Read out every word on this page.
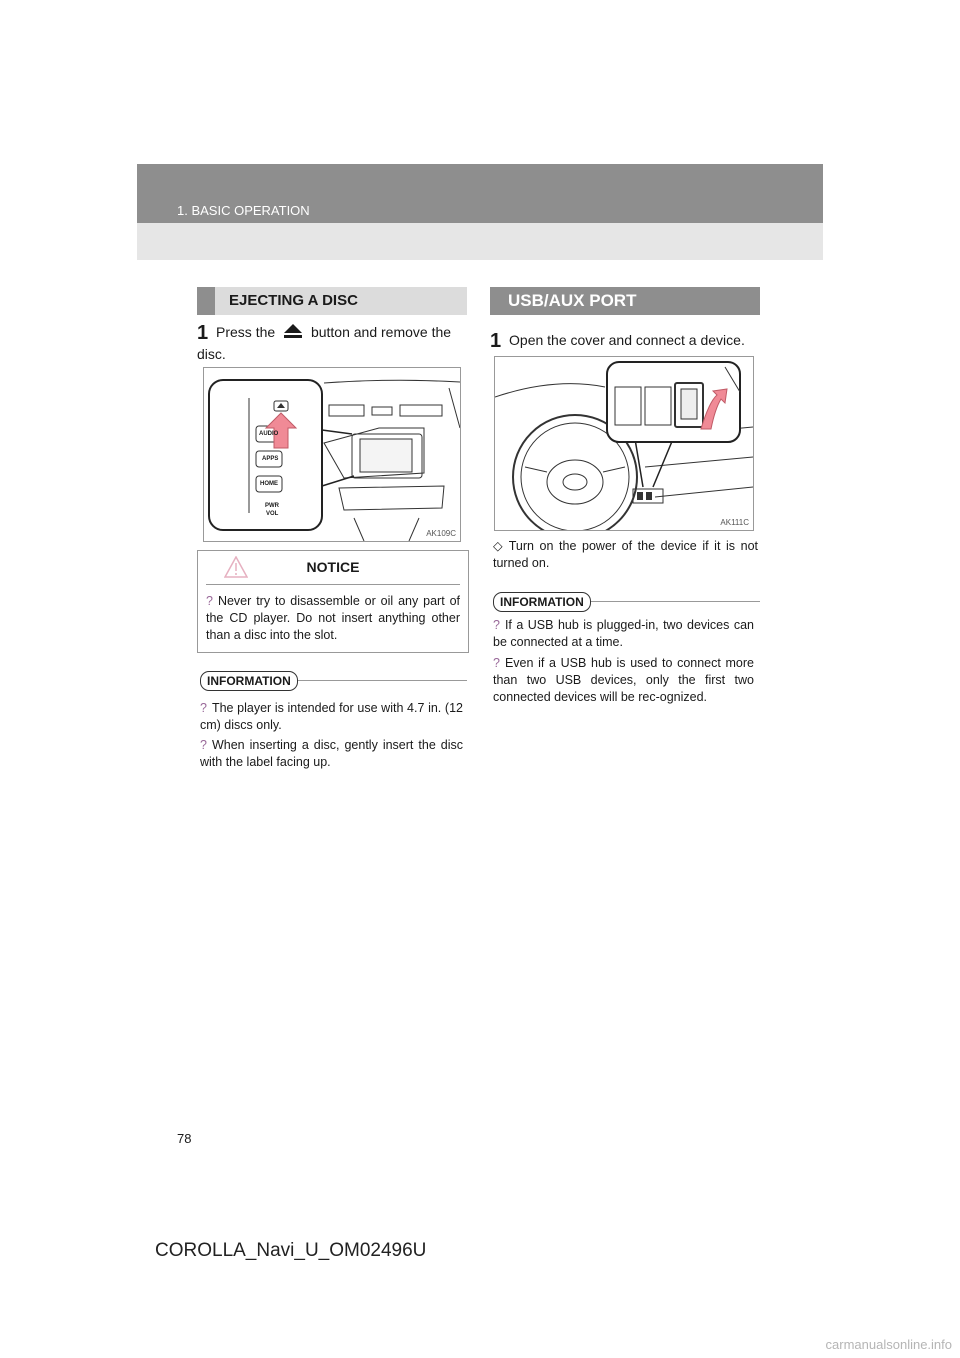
1. BASIC OPERATION
EJECTING A DISC
1 Press the	button and remove the disc.
AUDIO
APPS
HOME
PWR
VOL
AK109C
NOTICE
? Never try to disassemble or oil any part of the CD player. Do not insert anything other than a disc into the slot.
INFORMATION
? The player is intended for use with 4.7 in. (12 cm) discs only.
? When inserting a disc, gently insert the disc with the label facing up.
USB/AUX PORT
1 Open the cover and connect a device.
AK111C
◇ Turn on the power of the device if it is not turned on.
INFORMATION
? If a USB hub is plugged-in, two devices can be connected at a time.
? Even if a USB hub is used to connect more than two USB devices, only the first two connected devices will be rec-ognized.
78
COROLLA_Navi_U_OM02496U
carmanualsonline.info
